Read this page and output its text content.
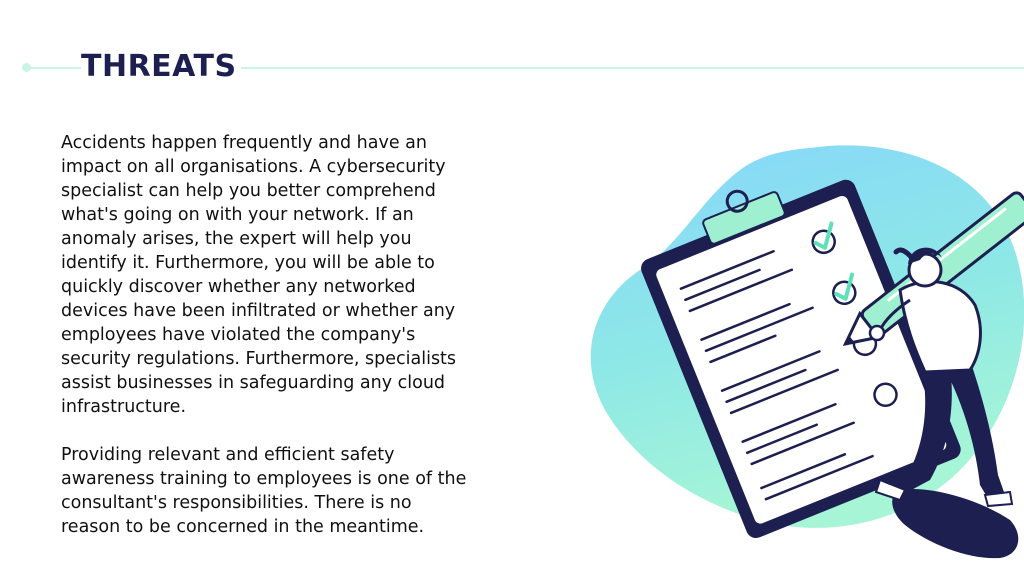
THREATS

Accidents happen frequently and have an impact on all organisations. A cybersecurity specialist can help you better comprehend what's going on with your network. If an anomaly arises, the expert will help you identify it. Furthermore, you will be able to quickly discover whether any networked devices have been infiltrated or whether any employees have violated the company's security regulations. Furthermore, specialists assist businesses in safeguarding any cloud infrastructure.

Providing relevant and efficient safety awareness training to employees is one of the consultant's responsibilities. There is no reason to be concerned in the meantime.
